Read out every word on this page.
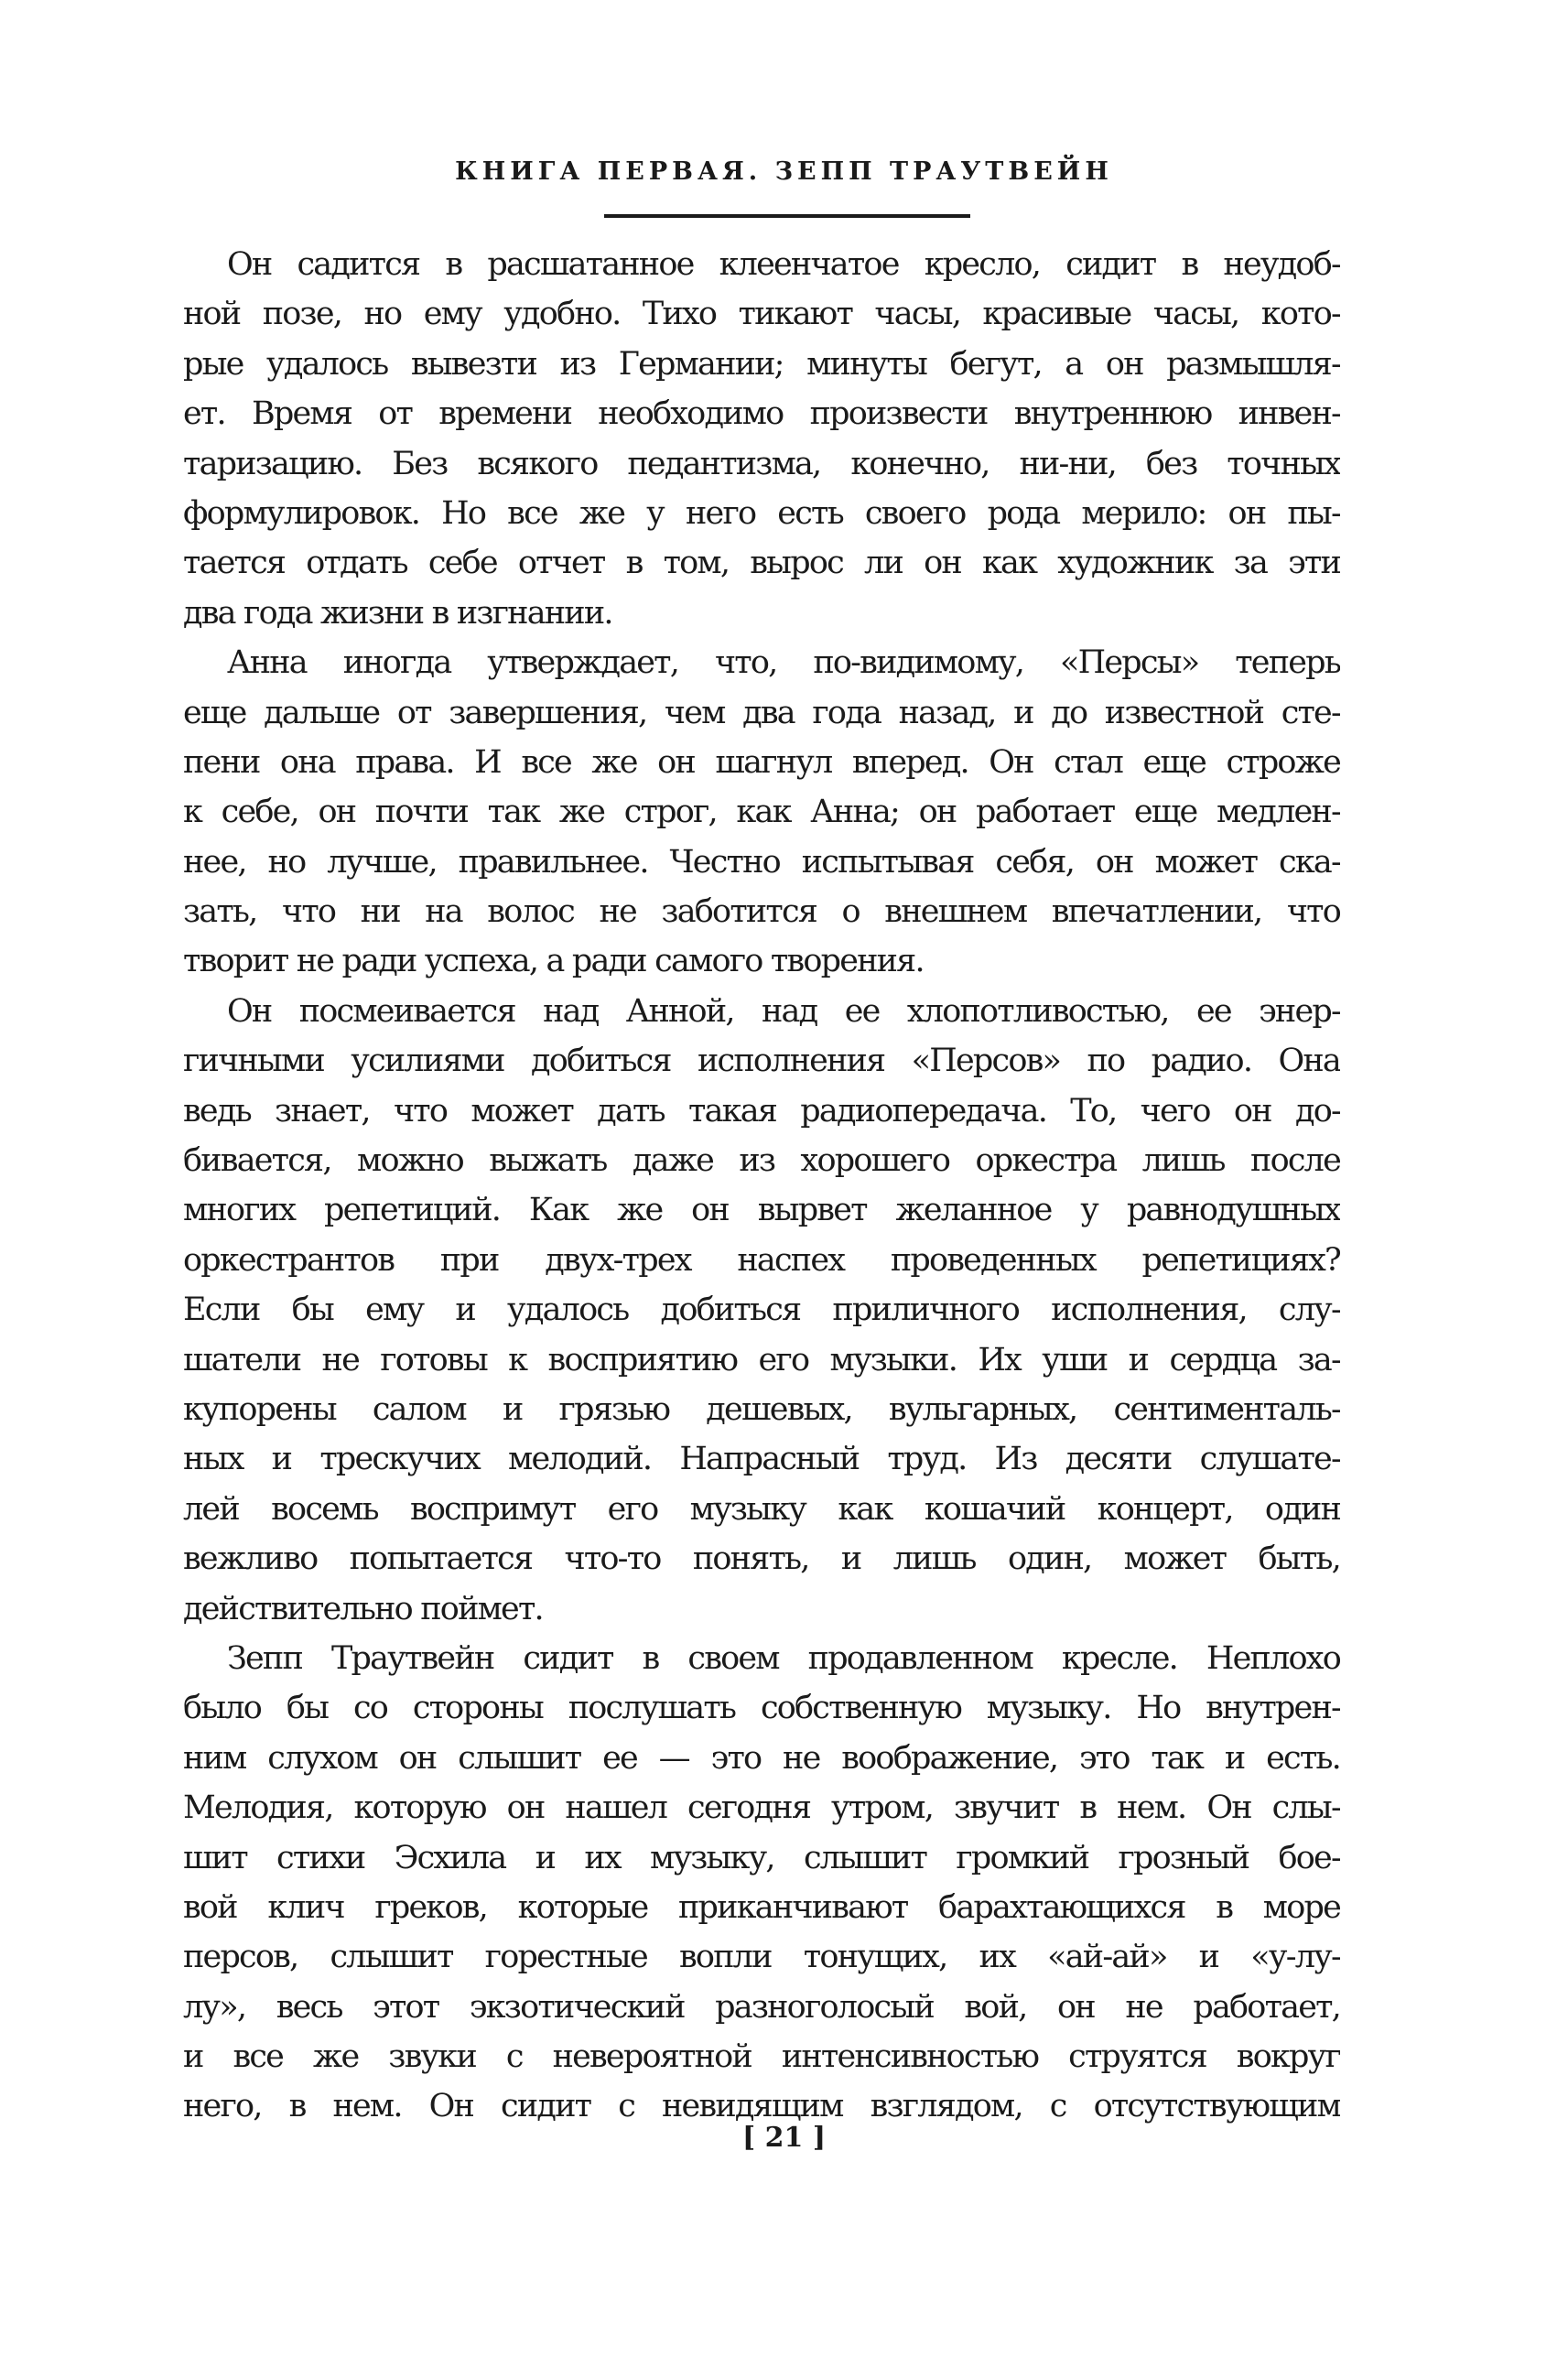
КНИГА ПЕРВАЯ. ЗЕПП ТРАУТВЕЙН
Он садится в расшатанное клеенчатое кресло, сидит в неудоб-
ной позе, но ему удобно. Тихо тикают часы, красивые часы, кото-
рые удалось вывезти из Германии; минуты бегут, а он размышля-
ет. Время от времени необходимо произвести внутреннюю инвен-
таризацию. Без всякого педантизма, конечно, ни-ни, без точных
формулировок. Но все же у него есть своего рода мерило: он пы-
тается отдать себе отчет в том, вырос ли он как художник за эти
два года жизни в изгнании.
Анна иногда утверждает, что, по-видимому, «Персы» теперь
еще дальше от завершения, чем два года назад, и до известной сте-
пени она права. И все же он шагнул вперед. Он стал еще строже
к себе, он почти так же строг, как Анна; он работает еще медлен-
нее, но лучше, правильнее. Честно испытывая себя, он может ска-
зать, что ни на волос не заботится о внешнем впечатлении, что
творит не ради успеха, а ради самого творения.
Он посмеивается над Анной, над ее хлопотливостью, ее энер-
гичными усилиями добиться исполнения «Персов» по радио. Она
ведь знает, что может дать такая радиопередача. То, чего он до-
бивается, можно выжать даже из хорошего оркестра лишь после
многих репетиций. Как же он вырвет желанное у равнодушных
оркестрантов при двух-трех наспех проведенных репетициях?
Если бы ему и удалось добиться приличного исполнения, слу-
шатели не готовы к восприятию его музыки. Их уши и сердца за-
купорены салом и грязью дешевых, вульгарных, сентименталь-
ных и трескучих мелодий. Напрасный труд. Из десяти слушате-
лей восемь воспримут его музыку как кошачий концерт, один
вежливо попытается что-то понять, и лишь один, может быть,
действительно поймет.
Зепп Траутвейн сидит в своем продавленном кресле. Неплохо
было бы со стороны послушать собственную музыку. Но внутрен-
ним слухом он слышит ее — это не воображение, это так и есть.
Мелодия, которую он нашел сегодня утром, звучит в нем. Он слы-
шит стихи Эсхила и их музыку, слышит громкий грозный бое-
вой клич греков, которые приканчивают барахтающихся в море
персов, слышит горестные вопли тонущих, их «ай-ай» и «у-лу-
лу», весь этот экзотический разноголосый вой, он не работает,
и все же звуки с невероятной интенсивностью струятся вокруг
него, в нем. Он сидит с невидящим взглядом, с отсутствующим
[ 21 ]
